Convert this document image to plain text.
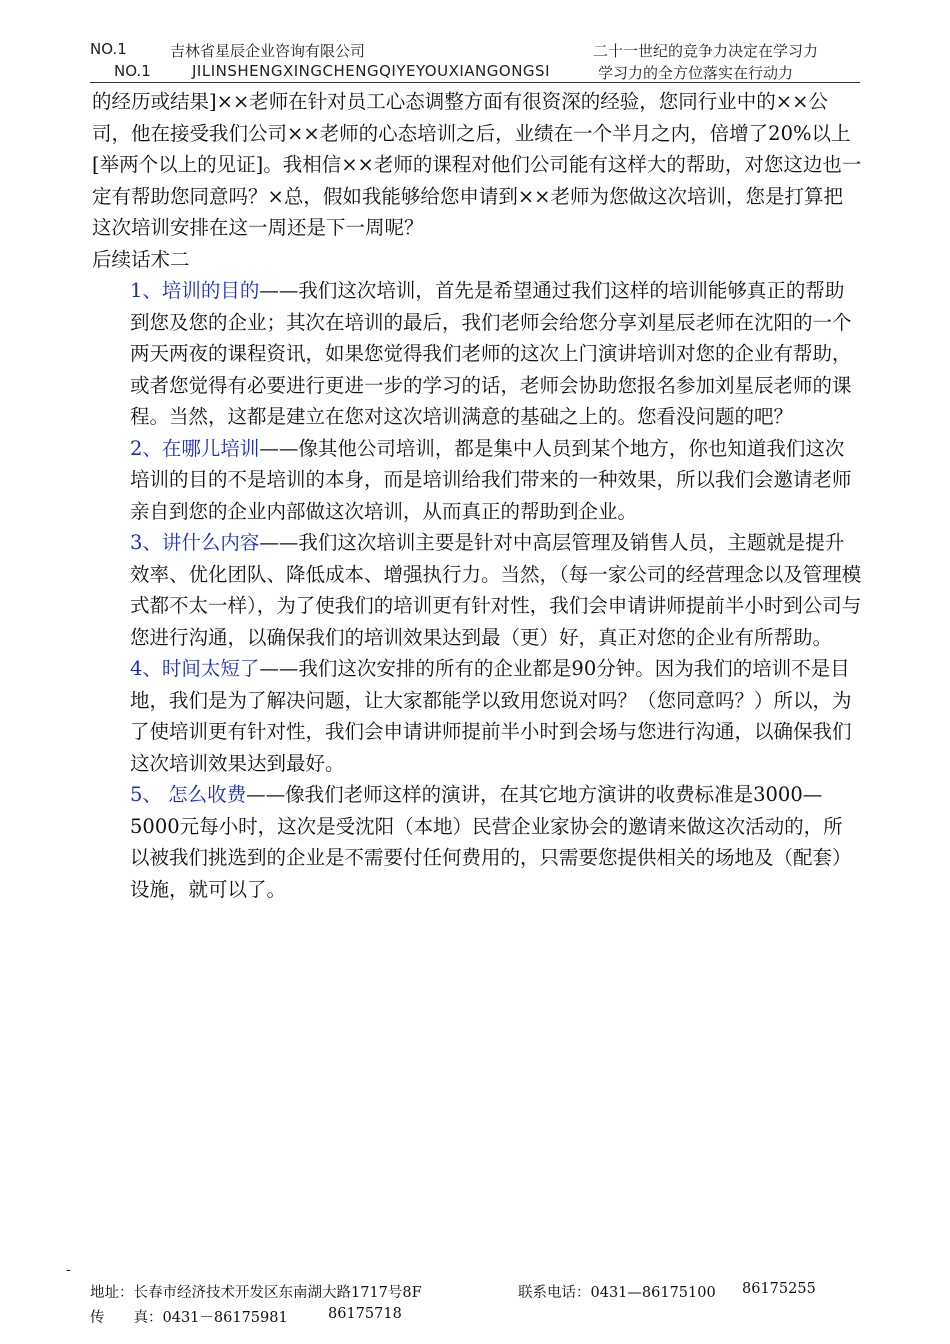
NO.1	吉林省星辰企业咨询有限公司	二十一世纪的竞争力决定在学习力
NO.1	JILINSHENGXINGCHENGQIYEYOUXIANGONGSI	学习力的全方位落实在行动力

的经历或结果]××老师在针对员工心态调整方面有很资深的经验，您同行业中的××公司，他在接受我们公司××老师的心态培训之后，业绩在一个半月之内，倍增了20%以上[举两个以上的见证]。我相信××老师的课程对他们公司能有这样大的帮助，对您这边也一定有帮助您同意吗？×总，假如我能够给您申请到××老师为您做这次培训，您是打算把这次培训安排在这一周还是下一周呢？

后续话术二

1、培训的目的——我们这次培训，首先是希望通过我们这样的培训能够真正的帮助到您及您的企业；其次在培训的最后，我们老师会给您分享刘星辰老师在沈阳的一个两天两夜的课程资讯，如果您觉得我们老师的这次上门演讲培训对您的企业有帮助，或者您觉得有必要进行更进一步的学习的话，老师会协助您报名参加刘星辰老师的课程。当然，这都是建立在您对这次培训满意的基础之上的。您看没问题的吧？

2、在哪儿培训——像其他公司培训，都是集中人员到某个地方，你也知道我们这次培训的目的不是培训的本身，而是培训给我们带来的一种效果，所以我们会邀请老师亲自到您的企业内部做这次培训，从而真正的帮助到企业。

3、讲什么内容——我们这次培训主要是针对中高层管理及销售人员，主题就是提升效率、优化团队、降低成本、增强执行力。当然，（每一家公司的经营理念以及管理模式都不太一样），为了使我们的培训更有针对性，我们会申请讲师提前半小时到公司与您进行沟通，以确保我们的培训效果达到最（更）好，真正对您的企业有所帮助。

4、时间太短了——我们这次安排的所有的企业都是90分钟。因为我们的培训不是目地，我们是为了解决问题，让大家都能学以致用您说对吗？（您同意吗？）所以，为了使培训更有针对性，我们会申请讲师提前半小时到会场与您进行沟通，以确保我们这次培训效果达到最好。

5、 怎么收费——像我们老师这样的演讲，在其它地方演讲的收费标准是3000—5000元每小时，这次是受沈阳（本地）民营企业家协会的邀请来做这次活动的，所以被我们挑选到的企业是不需要付任何费用的，只需要您提供相关的场地及（配套）设施，就可以了。

-
地址：长春市经济技术开发区东南湖大路1717号8F	联系电话：0431—86175100 86175255
传　　真：0431－86175981	86175718
